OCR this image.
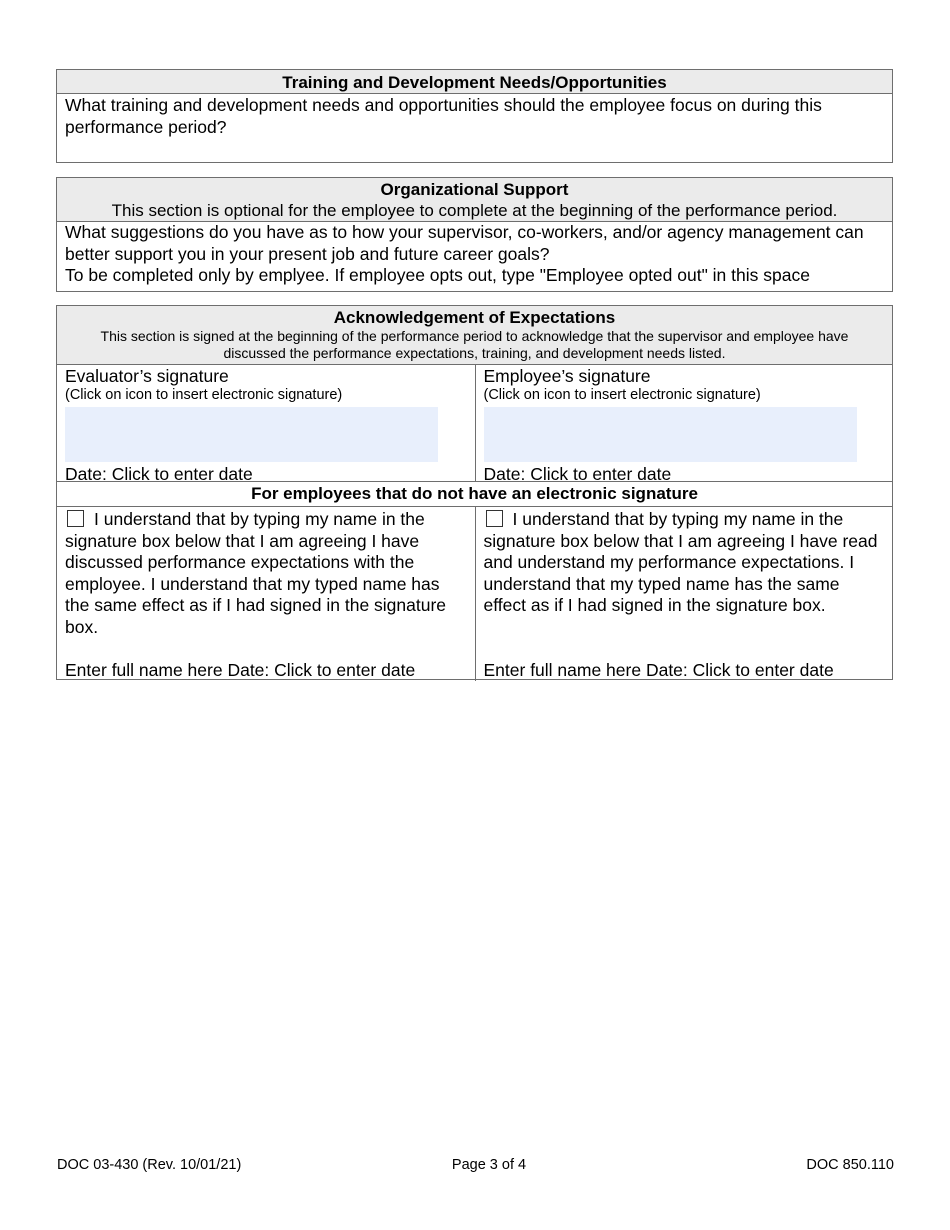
Training and Development Needs/Opportunities
What training and development needs and opportunities should the employee focus on during this performance period?
Organizational Support
This section is optional for the employee to complete at the beginning of the performance period.
What suggestions do you have as to how your supervisor, co-workers, and/or agency management can better support you in your present job and future career goals?
To be completed only by emplyee. If employee opts out, type "Employee opted out" in this space
Acknowledgement of Expectations
This section is signed at the beginning of the performance period to acknowledge that the supervisor and employee have discussed the performance expectations, training, and development needs listed.
Evaluator’s signature
(Click on icon to insert electronic signature)
Date: Click to enter date
Employee’s signature
(Click on icon to insert electronic signature)
Date: Click to enter date
For employees that do not have an electronic signature
I understand that by typing my name in the signature box below that I am agreeing I have discussed performance expectations with the employee. I understand that my typed name has the same effect as if I had signed in the signature box.
Enter full name here Date: Click to enter date
I understand that by typing my name in the signature box below that I am agreeing I have read and understand my performance expectations. I understand that my typed name has the same effect as if I had signed in the signature box.
Enter full name here Date: Click to enter date
DOC 03-430 (Rev. 10/01/21)	Page 3 of 4	DOC 850.110
